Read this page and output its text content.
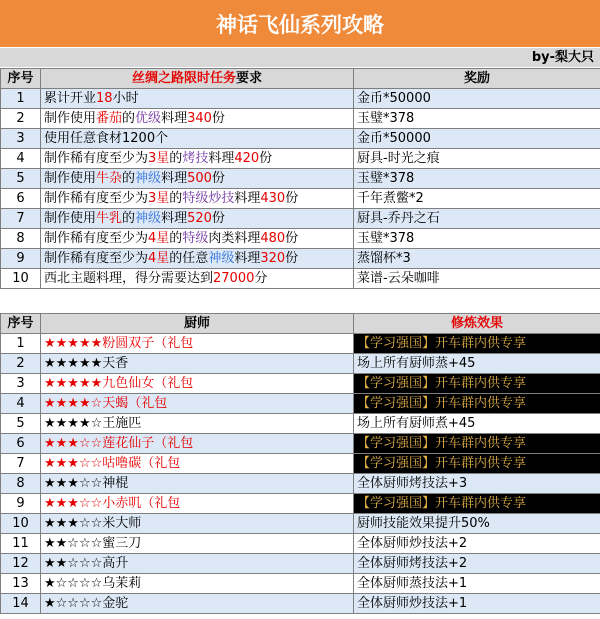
神话飞仙系列攻略
by-梨大只
序号	丝绸之路限时任务要求	奖励
1	累计开业18小时	金币*50000
2	制作使用番茄的优级料理340份	玉璧*378
3	使用任意食材1200个	金币*50000
4	制作稀有度至少为3星的烤技料理420份	厨具-时光之痕
5	制作使用牛杂的神级料理500份	玉璧*378
6	制作稀有度至少为3星的特级炒技料理430份	千年煮鳖*2
7	制作使用牛乳的神级料理520份	厨具-乔丹之石
8	制作稀有度至少为4星的特级肉类料理480份	玉璧*378
9	制作稀有度至少为4星的任意神级料理320份	蒸馏杯*3
10	西北主题料理，得分需要达到27000分	菜谱-云朵咖啡
序号	厨师	修炼效果
1	★★★★★粉圆双子（礼包	【学习强国】开车群内供专享
2	★★★★★天香	场上所有厨师蒸+45
3	★★★★★九色仙女（礼包	【学习强国】开车群内供专享
4	★★★★☆天蝎（礼包	【学习强国】开车群内供专享
5	★★★★☆王施匹	场上所有厨师煮+45
6	★★★☆☆莲花仙子（礼包	【学习强国】开车群内供专享
7	★★★☆☆咕噜碳（礼包	【学习强国】开车群内供专享
8	★★★☆☆神棍	全体厨师烤技法+3
9	★★★☆☆小赤叽（礼包	【学习强国】开车群内供专享
10	★★★☆☆米大师	厨师技能效果提升50%
11	★★☆☆☆蜜三刀	全体厨师炒技法+2
12	★★☆☆☆高升	全体厨师烤技法+2
13	★☆☆☆☆乌茉莉	全体厨师蒸技法+1
14	★☆☆☆☆金驼	全体厨师炒技法+1
